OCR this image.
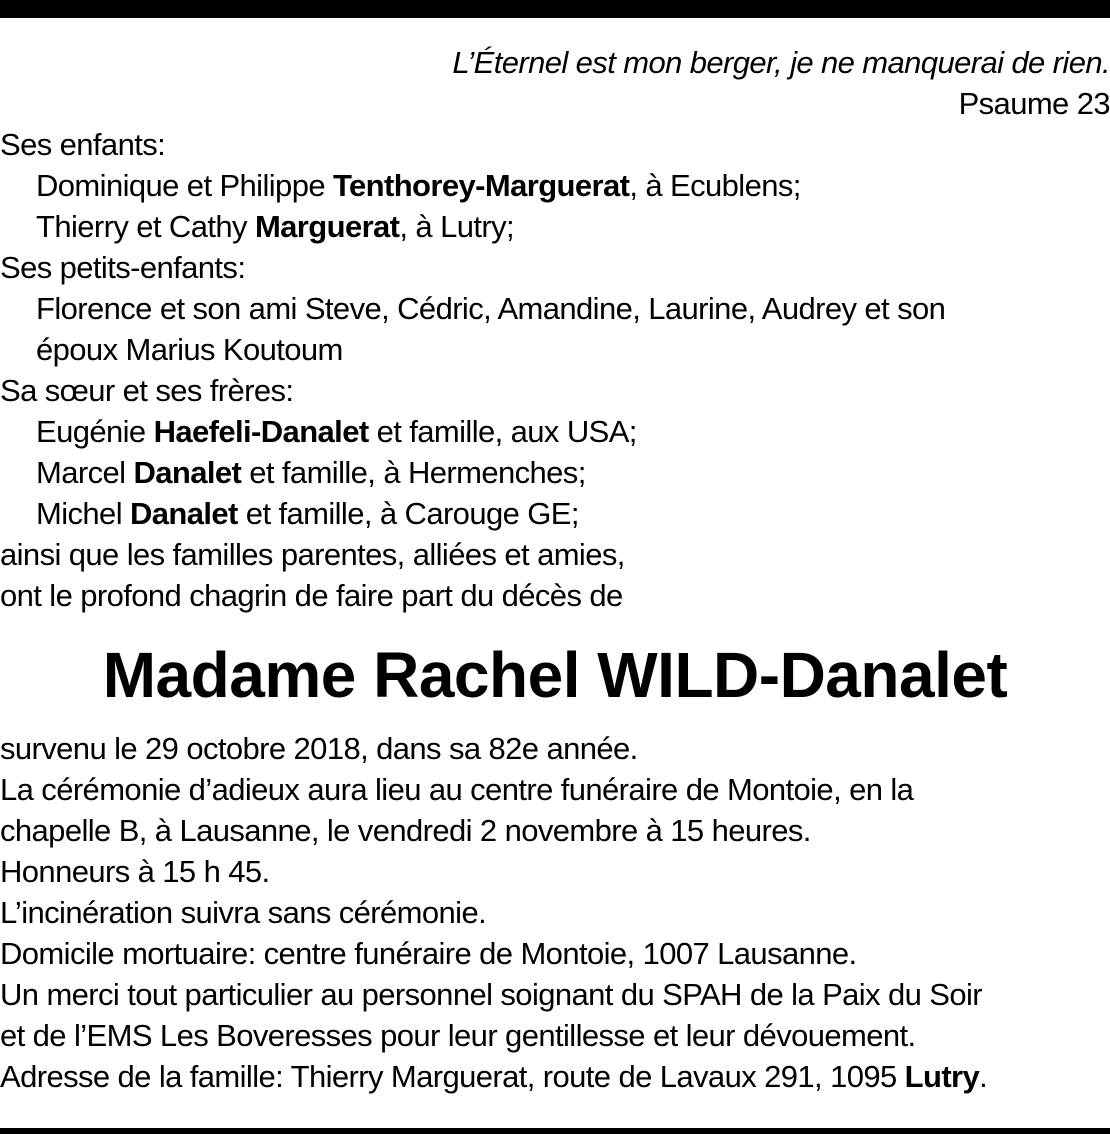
L’Éternel est mon berger, je ne manquerai de rien.
Psaume 23
Ses enfants:
Dominique et Philippe Tenthorey-Marguerat, à Ecublens;
Thierry et Cathy Marguerat, à Lutry;
Ses petits-enfants:
Florence et son ami Steve, Cédric, Amandine, Laurine, Audrey et son
époux Marius Koutoum
Sa sœur et ses frères:
Eugénie Haefeli-Danalet et famille, aux USA;
Marcel Danalet et famille, à Hermenches;
Michel Danalet et famille, à Carouge GE;
ainsi que les familles parentes, alliées et amies,
ont le profond chagrin de faire part du décès de
Madame Rachel WILD-Danalet
survenu le 29 octobre 2018, dans sa 82e année.
La cérémonie d’adieux aura lieu au centre funéraire de Montoie, en la
chapelle B, à Lausanne, le vendredi 2 novembre à 15 heures.
Honneurs à 15 h 45.
L’incinération suivra sans cérémonie.
Domicile mortuaire: centre funéraire de Montoie, 1007 Lausanne.
Un merci tout particulier au personnel soignant du SPAH de la Paix du Soir
et de l’EMS Les Boveresses pour leur gentillesse et leur dévouement.
Adresse de la famille: Thierry Marguerat, route de Lavaux 291, 1095 Lutry.
